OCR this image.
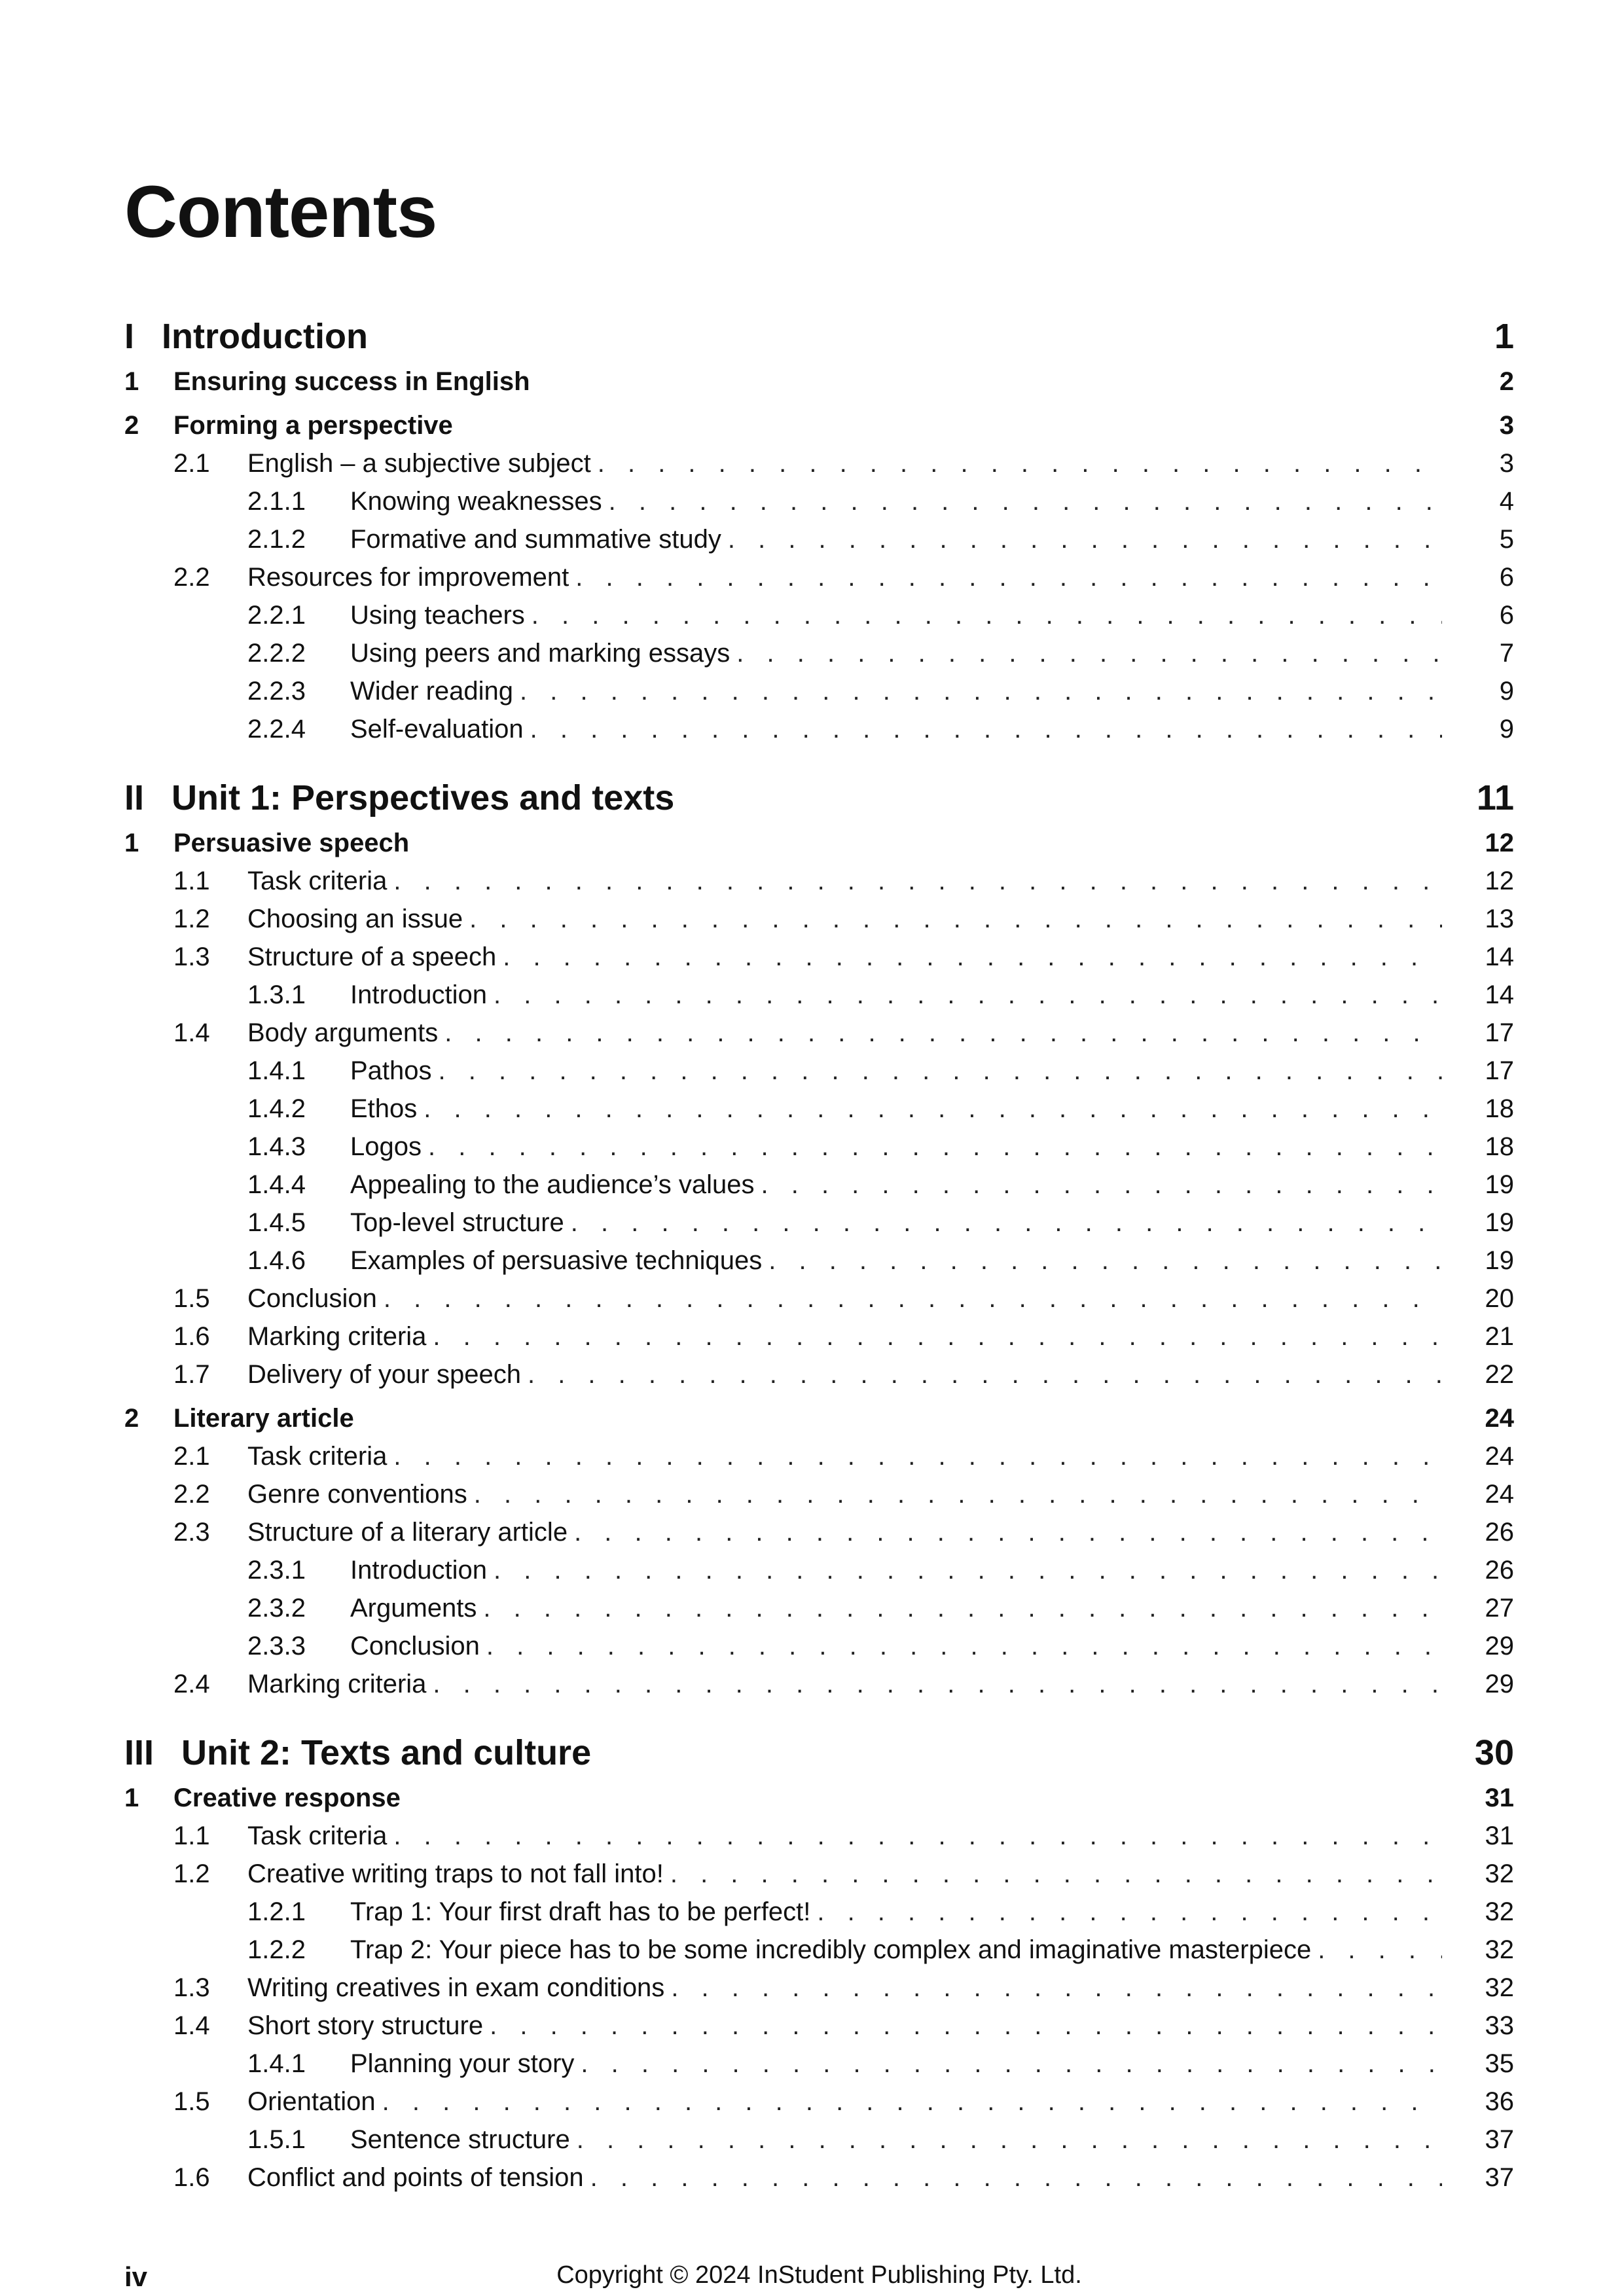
Contents
I Introduction	1
1	Ensuring success in English	2
2	Forming a perspective	3
2.1	English – a subjective subject . . .	3
2.1.1	Knowing weaknesses . . .	4
2.1.2	Formative and summative study . . .	5
2.2	Resources for improvement . . .	6
2.2.1	Using teachers . . .	6
2.2.2	Using peers and marking essays . . .	7
2.2.3	Wider reading . . .	9
2.2.4	Self-evaluation . . .	9
II Unit 1: Perspectives and texts	11
1	Persuasive speech	12
1.1	Task criteria . . .	12
1.2	Choosing an issue . . .	13
1.3	Structure of a speech . . .	14
1.3.1	Introduction . . .	14
1.4	Body arguments . . .	17
1.4.1	Pathos . . .	17
1.4.2	Ethos . . .	18
1.4.3	Logos . . .	18
1.4.4	Appealing to the audience’s values . . .	19
1.4.5	Top-level structure . . .	19
1.4.6	Examples of persuasive techniques . . .	19
1.5	Conclusion . . .	20
1.6	Marking criteria . . .	21
1.7	Delivery of your speech . . .	22
2	Literary article	24
2.1	Task criteria . . .	24
2.2	Genre conventions . . .	24
2.3	Structure of a literary article . . .	26
2.3.1	Introduction . . .	26
2.3.2	Arguments . . .	27
2.3.3	Conclusion . . .	29
2.4	Marking criteria . . .	29
III Unit 2: Texts and culture	30
1	Creative response	31
1.1	Task criteria . . .	31
1.2	Creative writing traps to not fall into! . . .	32
1.2.1	Trap 1: Your first draft has to be perfect! . . .	32
1.2.2	Trap 2: Your piece has to be some incredibly complex and imaginative masterpiece . . .	32
1.3	Writing creatives in exam conditions . . .	32
1.4	Short story structure . . .	33
1.4.1	Planning your story . . .	35
1.5	Orientation . . .	36
1.5.1	Sentence structure . . .	37
1.6	Conflict and points of tension . . .	37
iv	Copyright © 2024 InStudent Publishing Pty. Ltd.
